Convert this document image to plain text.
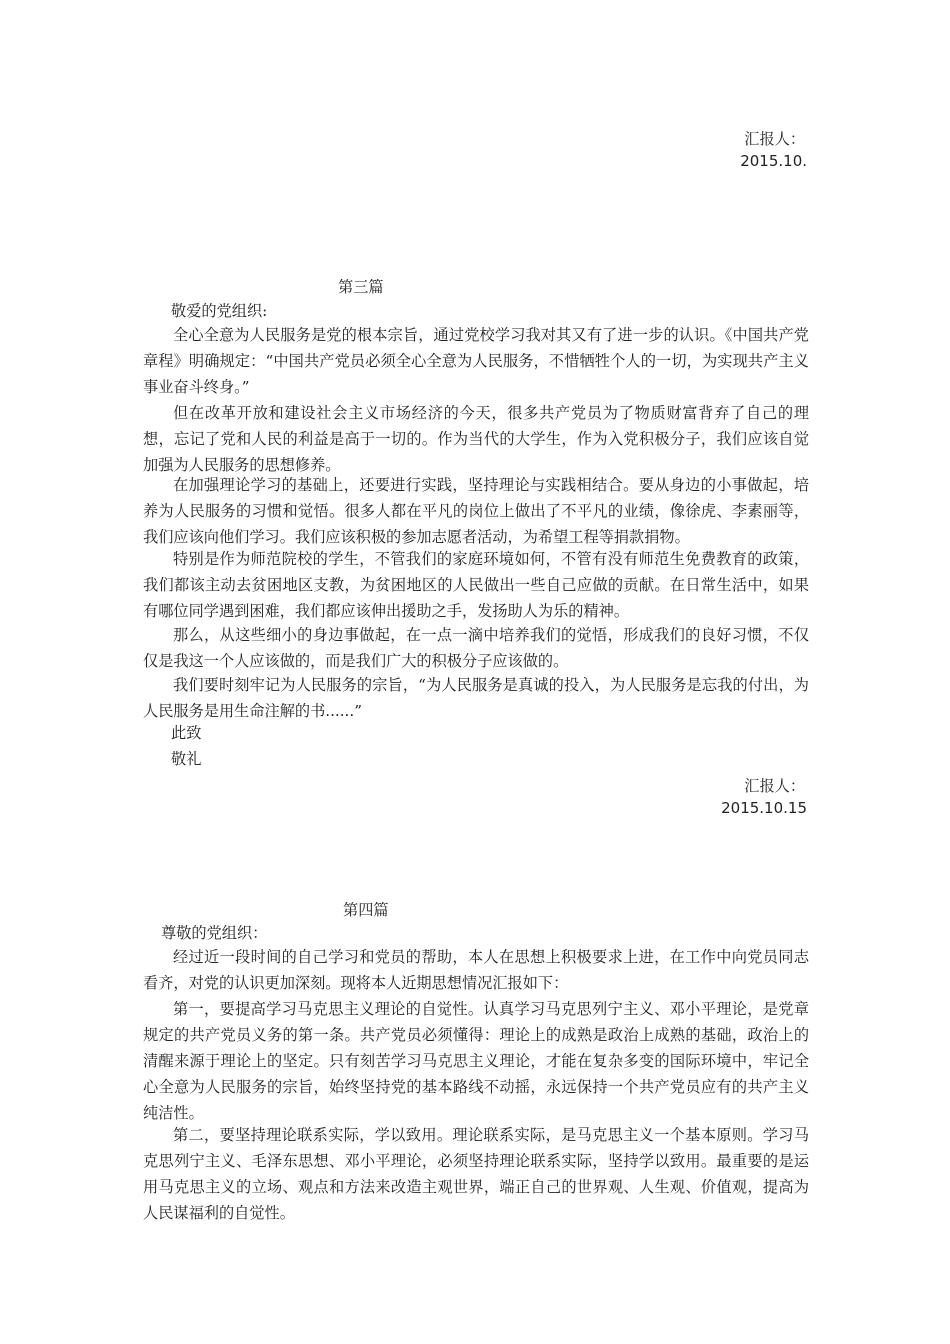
汇报人：
2015.10.
第三篇
敬爱的党组织:
全心全意为人民服务是党的根本宗旨，通过党校学习我对其又有了进一步的认识。《中国共产党章程》明确规定：“中国共产党员必须全心全意为人民服务，不惜牺牲个人的一切，为实现共产主义事业奋斗终身。”
但在改革开放和建设社会主义市场经济的今天，很多共产党员为了物质财富背弃了自己的理想，忘记了党和人民的利益是高于一切的。作为当代的大学生，作为入党积极分子，我们应该自觉加强为人民服务的思想修养。
在加强理论学习的基础上，还要进行实践，坚持理论与实践相结合。要从身边的小事做起，培养为人民服务的习惯和觉悟。很多人都在平凡的岗位上做出了不平凡的业绩，像徐虎、李素丽等，我们应该向他们学习。我们应该积极的参加志愿者活动，为希望工程等捐款捐物。
特别是作为师范院校的学生，不管我们的家庭环境如何，不管有没有师范生免费教育的政策，我们都该主动去贫困地区支教，为贫困地区的人民做出一些自己应做的贡献。在日常生活中，如果有哪位同学遇到困难，我们都应该伸出援助之手，发扬助人为乐的精神。
那么，从这些细小的身边事做起，在一点一滴中培养我们的觉悟，形成我们的良好习惯，不仅仅是我这一个人应该做的，而是我们广大的积极分子应该做的。
我们要时刻牢记为人民服务的宗旨，“为人民服务是真诚的投入，为人民服务是忘我的付出，为人民服务是用生命注解的书......”
此致
敬礼
汇报人：
2015.10.15
第四篇
尊敬的党组织：
经过近一段时间的自己学习和党员的帮助，本人在思想上积极要求上进，在工作中向党员同志看齐，对党的认识更加深刻。现将本人近期思想情况汇报如下：
第一，要提高学习马克思主义理论的自觉性。认真学习马克思列宁主义、邓小平理论，是党章规定的共产党员义务的第一条。共产党员必须懂得：理论上的成熟是政治上成熟的基础，政治上的清醒来源于理论上的坚定。只有刻苦学习马克思主义理论，才能在复杂多变的国际环境中，牢记全心全意为人民服务的宗旨，始终坚持党的基本路线不动摇，永远保持一个共产党员应有的共产主义纯洁性。
第二，要坚持理论联系实际，学以致用。理论联系实际，是马克思主义一个基本原则。学习马克思列宁主义、毛泽东思想、邓小平理论，必须坚持理论联系实际，坚持学以致用。最重要的是运用马克思主义的立场、观点和方法来改造主观世界，端正自己的世界观、人生观、价值观，提高为人民谋福利的自觉性。
